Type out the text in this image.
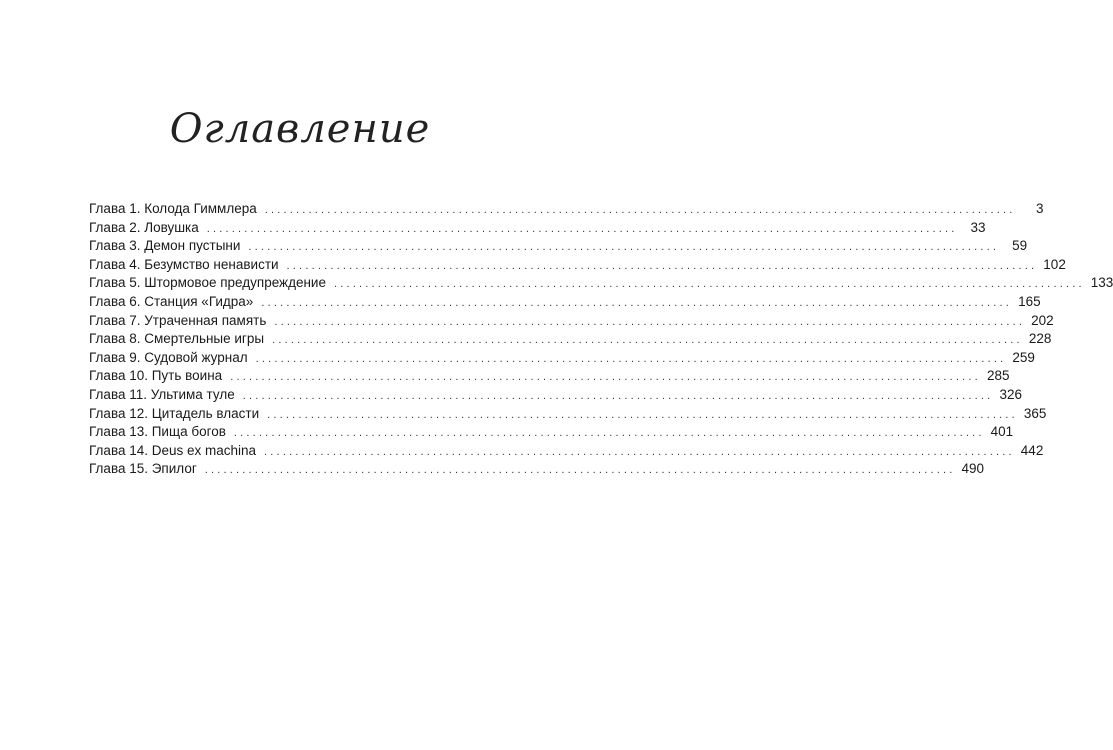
Оглавление
Глава 1. Колода Гиммлера ........................................................................................................................	3
Глава 2. Ловушка ........................................................................................................................ 33
Глава 3. Демон пустыни ........................................................................................................................ 59
Глава 4. Безумство ненависти ........................................................................................................................ 102
Глава 5. Штормовое предупреждение ........................................................................................................................ 133
Глава 6. Станция «Гидра» ........................................................................................................................ 165
Глава 7. Утраченная память ........................................................................................................................ 202
Глава 8. Смертельные игры ........................................................................................................................ 228
Глава 9. Судовой журнал ........................................................................................................................ 259
Глава 10. Путь воина ........................................................................................................................ 285
Глава 11. Ультима туле ........................................................................................................................ 326
Глава 12. Цитадель власти ........................................................................................................................ 365
Глава 13. Пища богов ........................................................................................................................ 401
Глава 14. Deus ex machina ........................................................................................................................ 442
Глава 15. Эпилог ........................................................................................................................ 490
